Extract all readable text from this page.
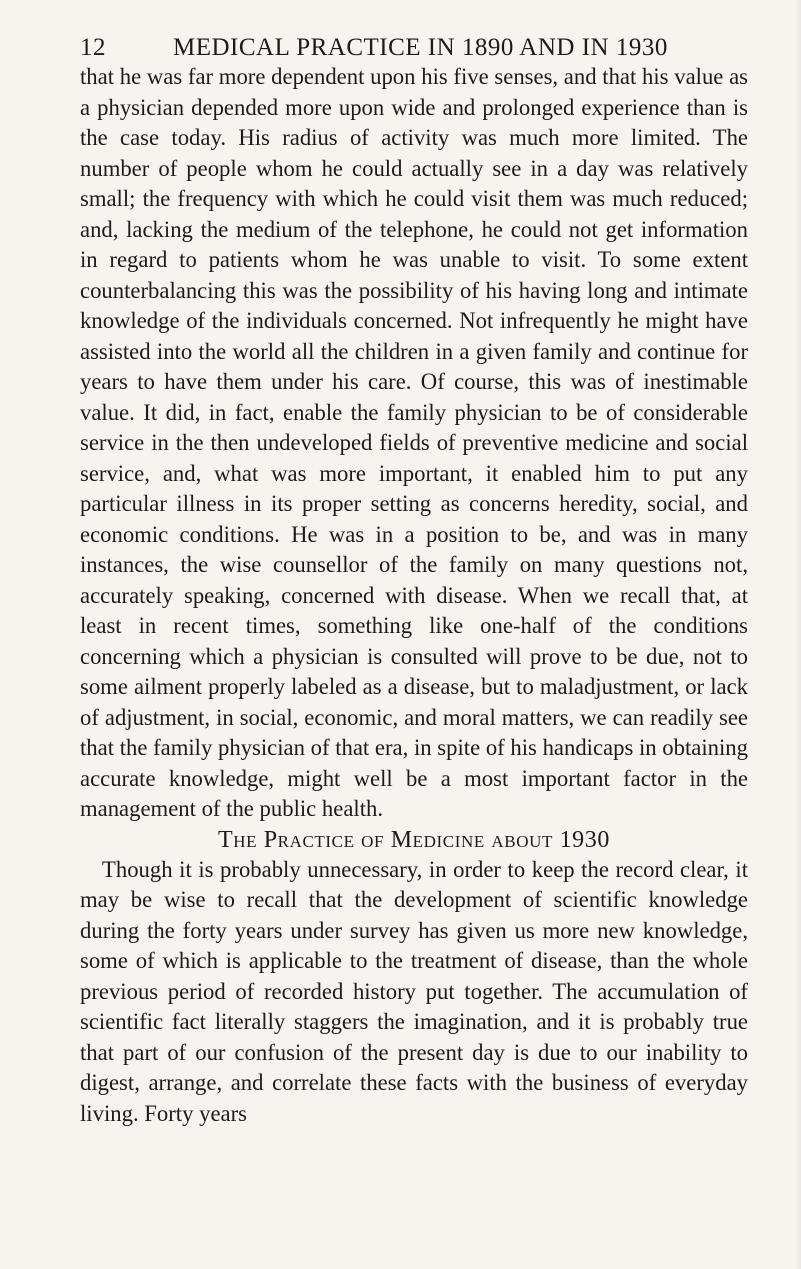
12	MEDICAL PRACTICE IN 1890 AND IN 1930

that he was far more dependent upon his five senses, and that his value as a physician depended more upon wide and prolonged experience than is the case today. His radius of activity was much more limited. The number of people whom he could actually see in a day was relatively small; the frequency with which he could visit them was much reduced; and, lacking the medium of the telephone, he could not get information in regard to patients whom he was unable to visit. To some extent counterbalancing this was the possibility of his having long and intimate knowledge of the individuals concerned. Not infrequently he might have assisted into the world all the children in a given family and continue for years to have them under his care. Of course, this was of inestimable value. It did, in fact, enable the family physician to be of considerable service in the then undeveloped fields of preventive medicine and social service, and, what was more important, it enabled him to put any particular illness in its proper setting as concerns heredity, social, and economic conditions. He was in a position to be, and was in many instances, the wise counsellor of the family on many questions not, accurately speaking, concerned with disease. When we recall that, at least in recent times, something like one-half of the conditions concerning which a physician is consulted will prove to be due, not to some ailment properly labeled as a disease, but to maladjustment, or lack of adjustment, in social, economic, and moral matters, we can readily see that the family physician of that era, in spite of his handicaps in obtaining accurate knowledge, might well be a most important factor in the management of the public health.

The Practice of Medicine about 1930

Though it is probably unnecessary, in order to keep the record clear, it may be wise to recall that the development of scientific knowledge during the forty years under survey has given us more new knowledge, some of which is applicable to the treatment of disease, than the whole previous period of recorded history put together. The accumulation of scientific fact literally staggers the imagination, and it is probably true that part of our confusion of the present day is due to our inability to digest, arrange, and correlate these facts with the business of everyday living. Forty years
